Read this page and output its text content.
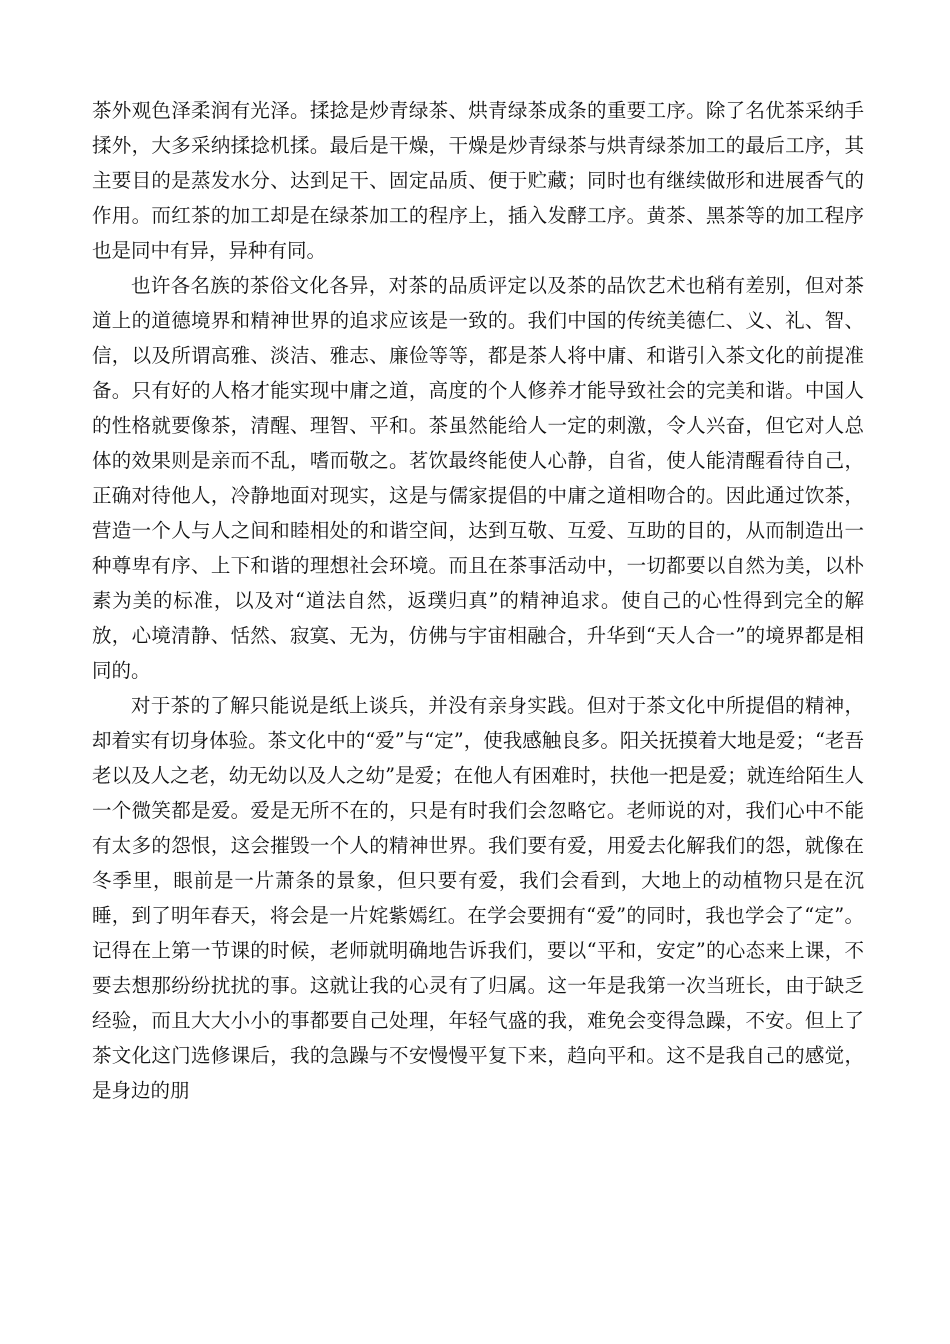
茶外观色泽柔润有光泽。揉捻是炒青绿茶、烘青绿茶成条的重要工序。除了名优茶采纳手揉外，大多采纳揉捻机揉。最后是干燥，干燥是炒青绿茶与烘青绿茶加工的最后工序，其主要目的是蒸发水分、达到足干、固定品质、便于贮藏；同时也有继续做形和进展香气的作用。而红茶的加工却是在绿茶加工的程序上，插入发酵工序。黄茶、黑茶等的加工程序也是同中有异，异种有同。

也许各名族的茶俗文化各异，对茶的品质评定以及茶的品饮艺术也稍有差别，但对茶道上的道德境界和精神世界的追求应该是一致的。我们中国的传统美德仁、义、礼、智、信，以及所谓高雅、淡洁、雅志、廉俭等等，都是茶人将中庸、和谐引入茶文化的前提准备。只有好的人格才能实现中庸之道，高度的个人修养才能导致社会的完美和谐。中国人的性格就要像茶，清醒、理智、平和。茶虽然能给人一定的刺激，令人兴奋，但它对人总体的效果则是亲而不乱，嗜而敬之。茗饮最终能使人心静，自省，使人能清醒看待自己，正确对待他人，冷静地面对现实，这是与儒家提倡的中庸之道相吻合的。因此通过饮茶，营造一个人与人之间和睦相处的和谐空间，达到互敬、互爱、互助的目的，从而制造出一种尊卑有序、上下和谐的理想社会环境。而且在茶事活动中，一切都要以自然为美，以朴素为美的标准，以及对“道法自然，返璞归真”的精神追求。使自己的心性得到完全的解放，心境清静、恬然、寂寞、无为，仿佛与宇宙相融合，升华到“天人合一”的境界都是相同的。

对于茶的了解只能说是纸上谈兵，并没有亲身实践。但对于茶文化中所提倡的精神，却着实有切身体验。茶文化中的“爱”与“定”，使我感触良多。阳关抚摸着大地是爱；“老吾老以及人之老，幼无幼以及人之幼”是爱；在他人有困难时，扶他一把是爱；就连给陌生人一个微笑都是爱。爱是无所不在的，只是有时我们会忽略它。老师说的对，我们心中不能有太多的怨恨，这会摧毁一个人的精神世界。我们要有爱，用爱去化解我们的怨，就像在冬季里，眼前是一片萧条的景象，但只要有爱，我们会看到，大地上的动植物只是在沉睡，到了明年春天，将会是一片姹紫嫣红。在学会要拥有“爱”的同时，我也学会了“定”。记得在上第一节课的时候，老师就明确地告诉我们，要以“平和，安定”的心态来上课，不要去想那纷纷扰扰的事。这就让我的心灵有了归属。这一年是我第一次当班长，由于缺乏经验，而且大大小小的事都要自己处理，年轻气盛的我，难免会变得急躁，不安。但上了茶文化这门选修课后，我的急躁与不安慢慢平复下来，趋向平和。这不是我自己的感觉，是身边的朋
